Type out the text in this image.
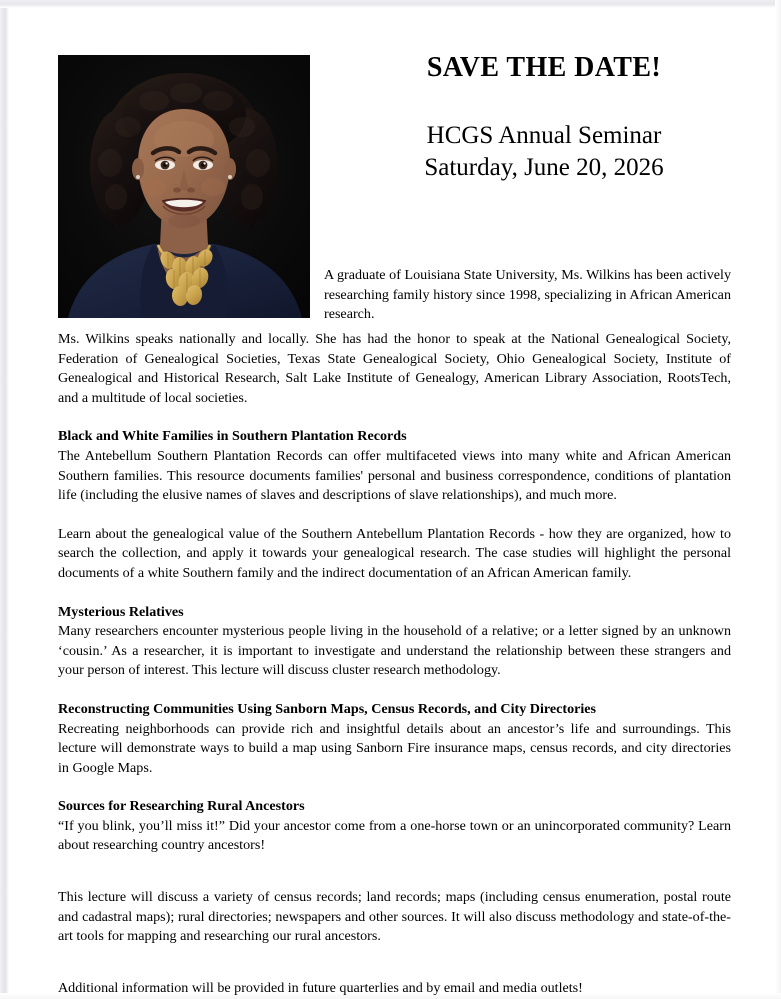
SAVE THE DATE!
HCGS Annual Seminar
Saturday, June 20, 2026
A graduate of Louisiana State University, Ms. Wilkins has been actively researching family history since 1998, specializing in African American research.

Ms. Wilkins speaks nationally and locally. She has had the honor to speak at the National Genealogical Society, Federation of Genealogical Societies, Texas State Genealogical Society, Ohio Genealogical Society, Institute of Genealogical and Historical Research, Salt Lake Institute of Genealogy, American Library Association, RootsTech, and a multitude of local societies.

Black and White Families in Southern Plantation Records

The Antebellum Southern Plantation Records can offer multifaceted views into many white and African American Southern families. This resource documents families' personal and business correspondence, conditions of plantation life (including the elusive names of slaves and descriptions of slave relationships), and much more.

Learn about the genealogical value of the Southern Antebellum Plantation Records - how they are organized, how to search the collection, and apply it towards your genealogical research. The case studies will highlight the personal documents of a white Southern family and the indirect documentation of an African American family.

Mysterious Relatives

Many researchers encounter mysterious people living in the household of a relative; or a letter signed by an unknown ‘cousin.’ As a researcher, it is important to investigate and understand the relationship between these strangers and your person of interest. This lecture will discuss cluster research methodology.

Reconstructing Communities Using Sanborn Maps, Census Records, and City Directories

Recreating neighborhoods can provide rich and insightful details about an ancestor’s life and surroundings. This lecture will demonstrate ways to build a map using Sanborn Fire insurance maps, census records, and city directories in Google Maps.

Sources for Researching Rural Ancestors

“If you blink, you’ll miss it!” Did your ancestor come from a one-horse town or an unincorporated community? Learn about researching country ancestors!

This lecture will discuss a variety of census records; land records; maps (including census enumeration, postal route and cadastral maps); rural directories; newspapers and other sources. It will also discuss methodology and state-of-the-art tools for mapping and researching our rural ancestors.

Additional information will be provided in future quarterlies and by email and media outlets!
